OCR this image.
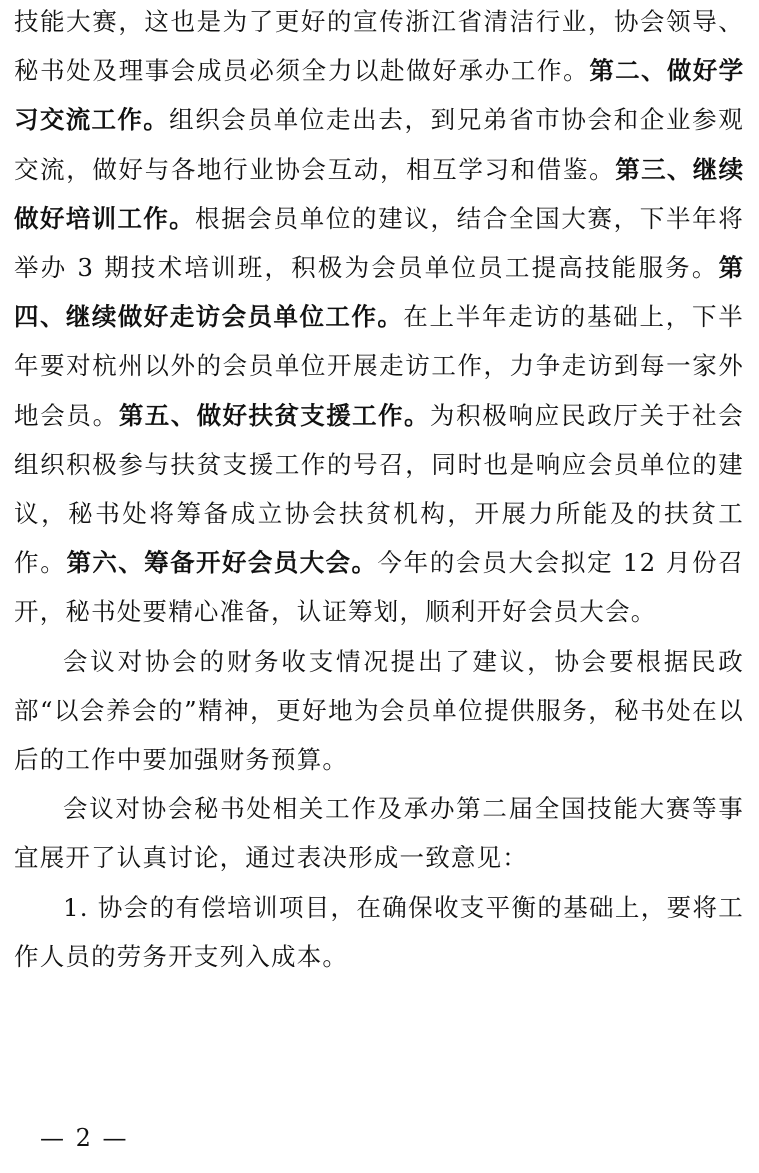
技能大赛，这也是为了更好的宣传浙江省清洁行业，协会领导、秘书处及理事会成员必须全力以赴做好承办工作。第二、做好学习交流工作。组织会员单位走出去，到兄弟省市协会和企业参观交流，做好与各地行业协会互动，相互学习和借鉴。第三、继续做好培训工作。根据会员单位的建议，结合全国大赛，下半年将举办 3 期技术培训班，积极为会员单位员工提高技能服务。第四、继续做好走访会员单位工作。在上半年走访的基础上，下半年要对杭州以外的会员单位开展走访工作，力争走访到每一家外地会员。第五、做好扶贫支援工作。为积极响应民政厅关于社会组织积极参与扶贫支援工作的号召，同时也是响应会员单位的建议，秘书处将筹备成立协会扶贫机构，开展力所能及的扶贫工作。第六、筹备开好会员大会。今年的会员大会拟定 12 月份召开，秘书处要精心准备，认证筹划，顺利开好会员大会。

会议对协会的财务收支情况提出了建议，协会要根据民政部“以会养会的”精神，更好地为会员单位提供服务，秘书处在以后的工作中要加强财务预算。

会议对协会秘书处相关工作及承办第二届全国技能大赛等事宜展开了认真讨论，通过表决形成一致意见：

1. 协会的有偿培训项目，在确保收支平衡的基础上，要将工作人员的劳务开支列入成本。

— 2 —
